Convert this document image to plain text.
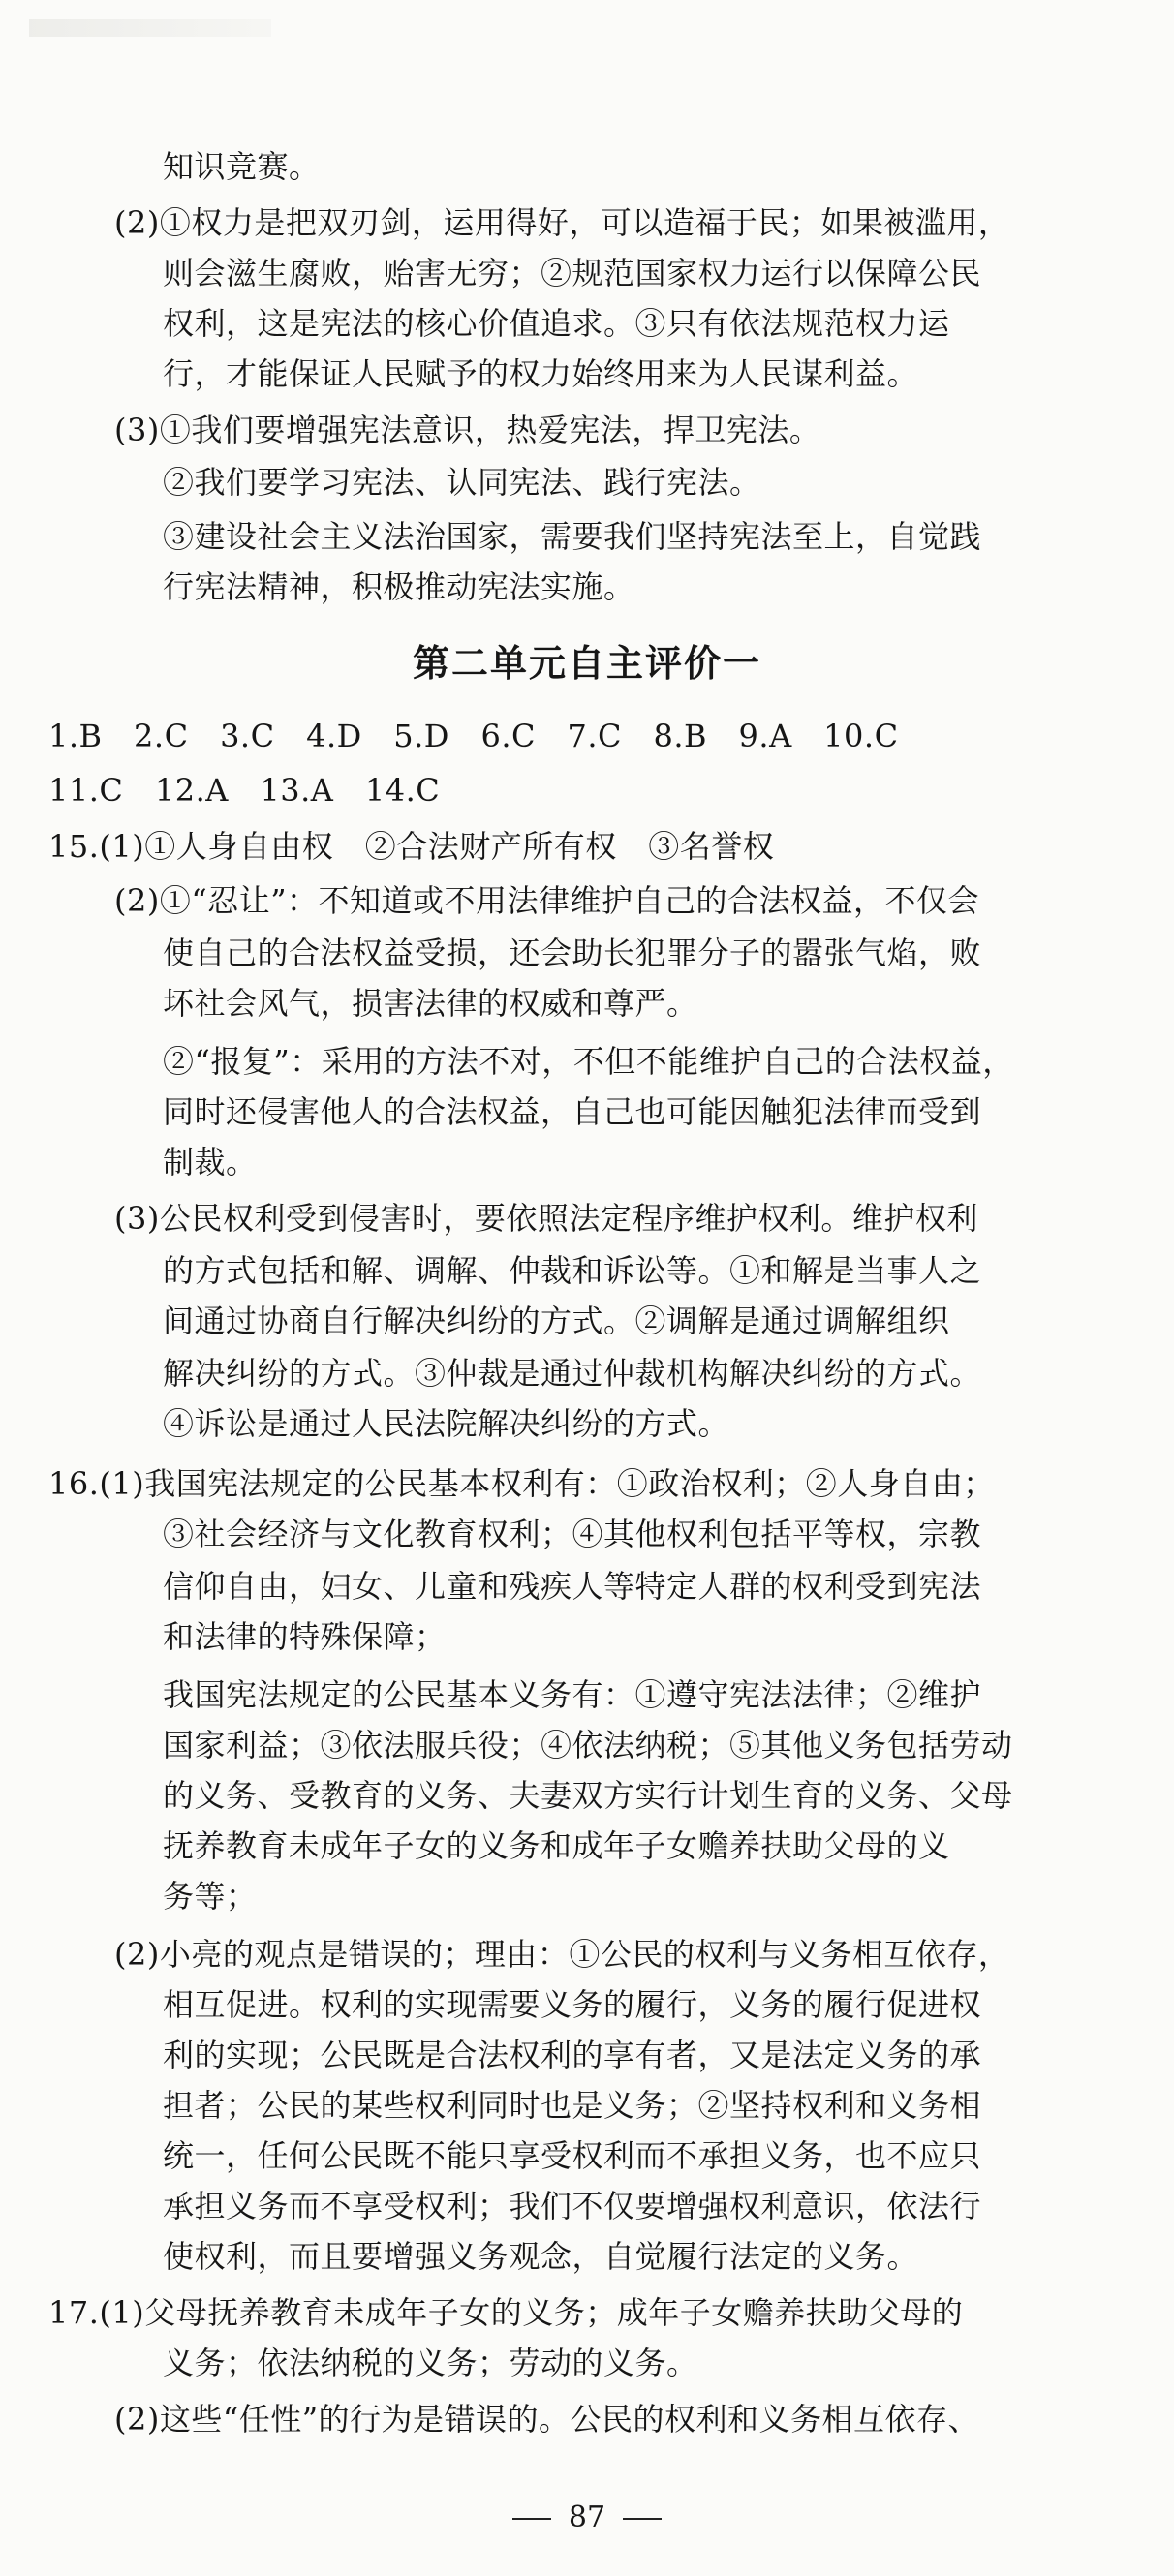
知识竞赛。
(2)①权力是把双刃剑，运用得好，可以造福于民；如果被滥用，
则会滋生腐败，贻害无穷；②规范国家权力运行以保障公民
权利，这是宪法的核心价值追求。③只有依法规范权力运
行，才能保证人民赋予的权力始终用来为人民谋利益。
(3)①我们要增强宪法意识，热爱宪法，捍卫宪法。
②我们要学习宪法、认同宪法、践行宪法。
③建设社会主义法治国家，需要我们坚持宪法至上，自觉践
行宪法精神，积极推动宪法实施。
第二单元自主评价一
1.B　2.C　3.C　4.D　5.D　6.C　7.C　8.B　9.A　10.C
11.C　12.A　13.A　14.C
15.(1)①人身自由权　②合法财产所有权　③名誉权
(2)①“忍让”：不知道或不用法律维护自己的合法权益，不仅会
使自己的合法权益受损，还会助长犯罪分子的嚣张气焰，败
坏社会风气，损害法律的权威和尊严。
②“报复”：采用的方法不对，不但不能维护自己的合法权益，
同时还侵害他人的合法权益，自己也可能因触犯法律而受到
制裁。
(3)公民权利受到侵害时，要依照法定程序维护权利。维护权利
的方式包括和解、调解、仲裁和诉讼等。①和解是当事人之
间通过协商自行解决纠纷的方式。②调解是通过调解组织
解决纠纷的方式。③仲裁是通过仲裁机构解决纠纷的方式。
④诉讼是通过人民法院解决纠纷的方式。
16.(1)我国宪法规定的公民基本权利有：①政治权利；②人身自由；
③社会经济与文化教育权利；④其他权利包括平等权，宗教
信仰自由，妇女、儿童和残疾人等特定人群的权利受到宪法
和法律的特殊保障；
我国宪法规定的公民基本义务有：①遵守宪法法律；②维护
国家利益；③依法服兵役；④依法纳税；⑤其他义务包括劳动
的义务、受教育的义务、夫妻双方实行计划生育的义务、父母
抚养教育未成年子女的义务和成年子女赡养扶助父母的义
务等；
(2)小亮的观点是错误的；理由：①公民的权利与义务相互依存，
相互促进。权利的实现需要义务的履行，义务的履行促进权
利的实现；公民既是合法权利的享有者，又是法定义务的承
担者；公民的某些权利同时也是义务；②坚持权利和义务相
统一，任何公民既不能只享受权利而不承担义务，也不应只
承担义务而不享受权利；我们不仅要增强权利意识，依法行
使权利，而且要增强义务观念，自觉履行法定的义务。
17.(1)父母抚养教育未成年子女的义务；成年子女赡养扶助父母的
义务；依法纳税的义务；劳动的义务。
(2)这些“任性”的行为是错误的。公民的权利和义务相互依存、
87
